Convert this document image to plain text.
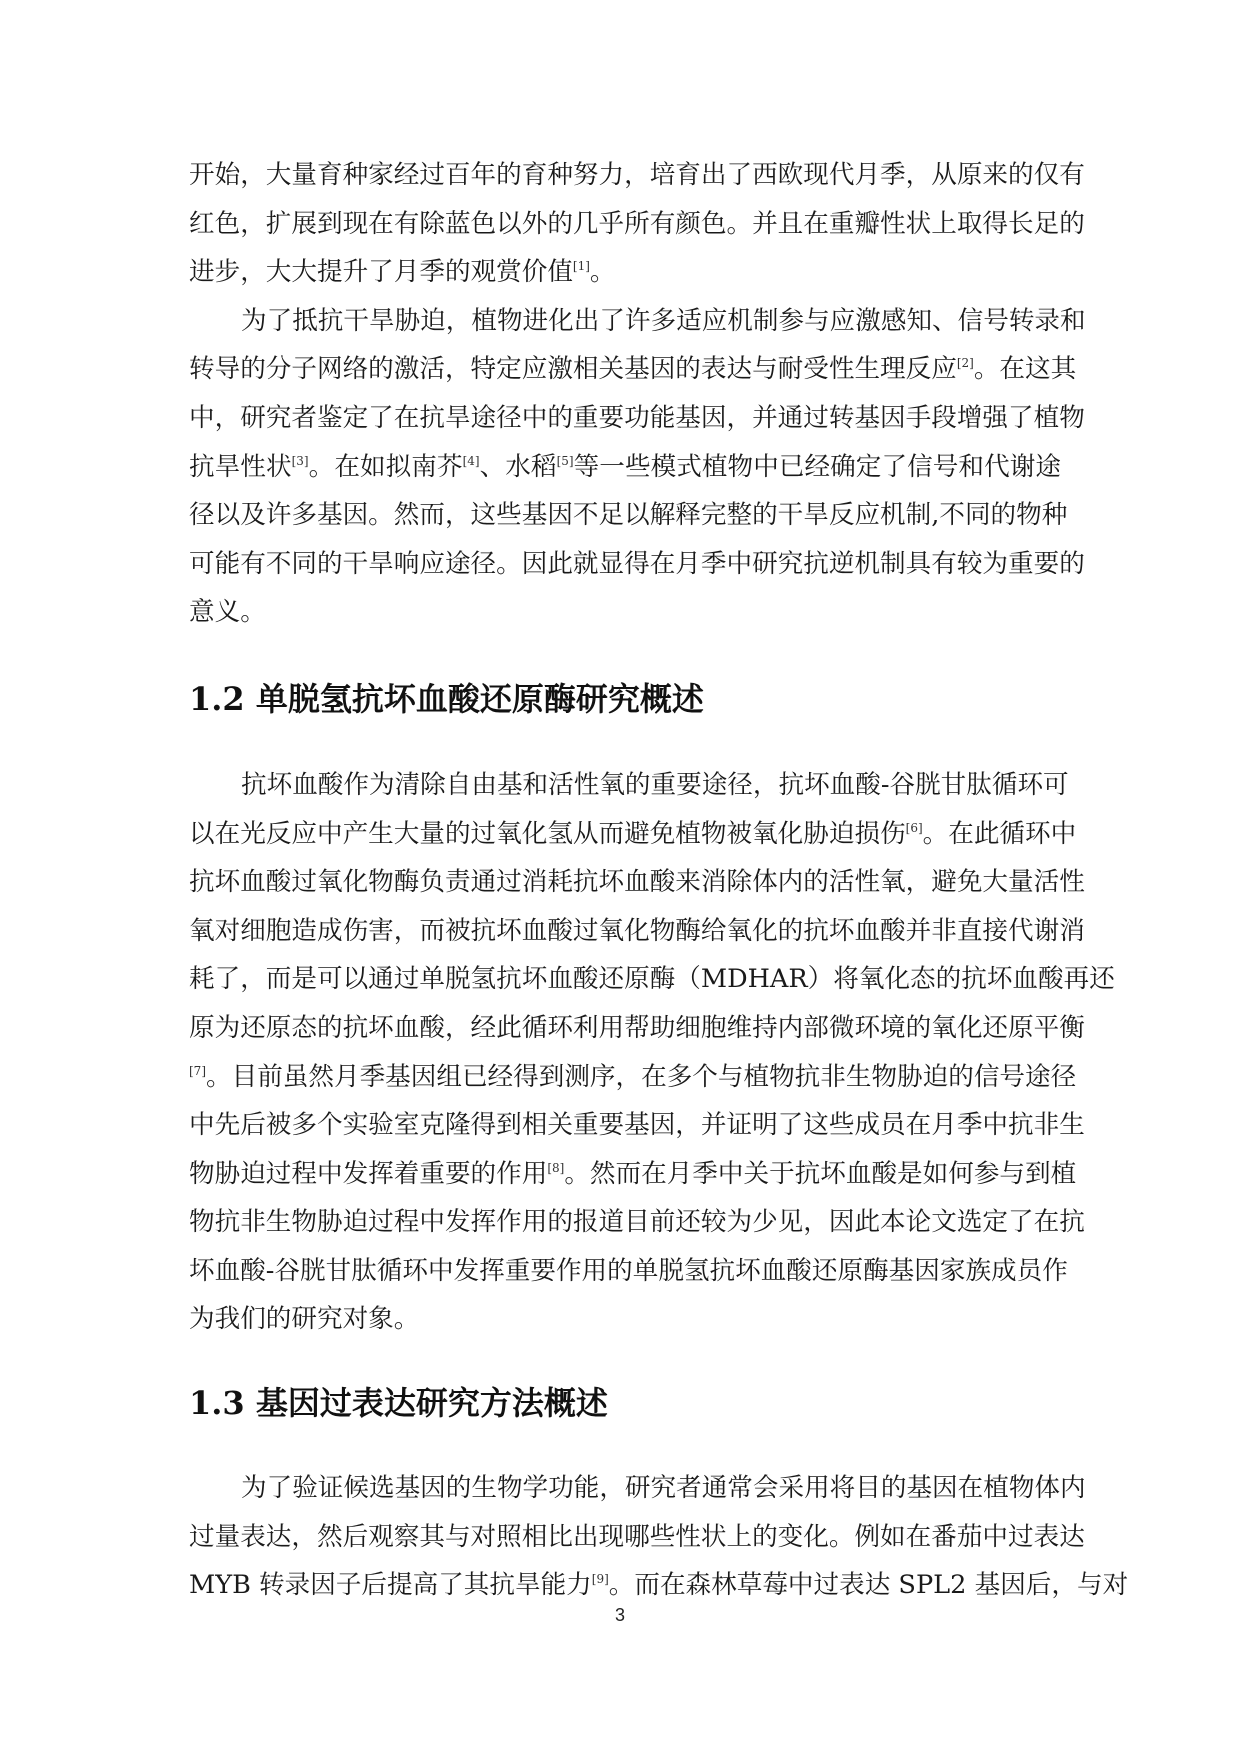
开始，大量育种家经过百年的育种努力，培育出了西欧现代月季，从原来的仅有
红色，扩展到现在有除蓝色以外的几乎所有颜色。并且在重瓣性状上取得长足的
进步，大大提升了月季的观赏价值[1]。
为了抵抗干旱胁迫，植物进化出了许多适应机制参与应激感知、信号转录和
转导的分子网络的激活，特定应激相关基因的表达与耐受性生理反应[2]。在这其
中，研究者鉴定了在抗旱途径中的重要功能基因，并通过转基因手段增强了植物
抗旱性状[3]。在如拟南芥[4]、水稻[5]等一些模式植物中已经确定了信号和代谢途
径以及许多基因。然而，这些基因不足以解释完整的干旱反应机制,不同的物种
可能有不同的干旱响应途径。因此就显得在月季中研究抗逆机制具有较为重要的
意义。
1.2 单脱氢抗坏血酸还原酶研究概述
抗坏血酸作为清除自由基和活性氧的重要途径，抗坏血酸-谷胱甘肽循环可
以在光反应中产生大量的过氧化氢从而避免植物被氧化胁迫损伤[6]。在此循环中
抗坏血酸过氧化物酶负责通过消耗抗坏血酸来消除体内的活性氧，避免大量活性
氧对细胞造成伤害，而被抗坏血酸过氧化物酶给氧化的抗坏血酸并非直接代谢消
耗了，而是可以通过单脱氢抗坏血酸还原酶（MDHAR）将氧化态的抗坏血酸再还
原为还原态的抗坏血酸，经此循环利用帮助细胞维持内部微环境的氧化还原平衡
[7]。目前虽然月季基因组已经得到测序，在多个与植物抗非生物胁迫的信号途径
中先后被多个实验室克隆得到相关重要基因，并证明了这些成员在月季中抗非生
物胁迫过程中发挥着重要的作用[8]。然而在月季中关于抗坏血酸是如何参与到植
物抗非生物胁迫过程中发挥作用的报道目前还较为少见，因此本论文选定了在抗
坏血酸-谷胱甘肽循环中发挥重要作用的单脱氢抗坏血酸还原酶基因家族成员作
为我们的研究对象。
1.3 基因过表达研究方法概述
为了验证候选基因的生物学功能，研究者通常会采用将目的基因在植物体内
过量表达，然后观察其与对照相比出现哪些性状上的变化。例如在番茄中过表达
MYB 转录因子后提高了其抗旱能力[9]。而在森林草莓中过表达 SPL2 基因后，与对
3
